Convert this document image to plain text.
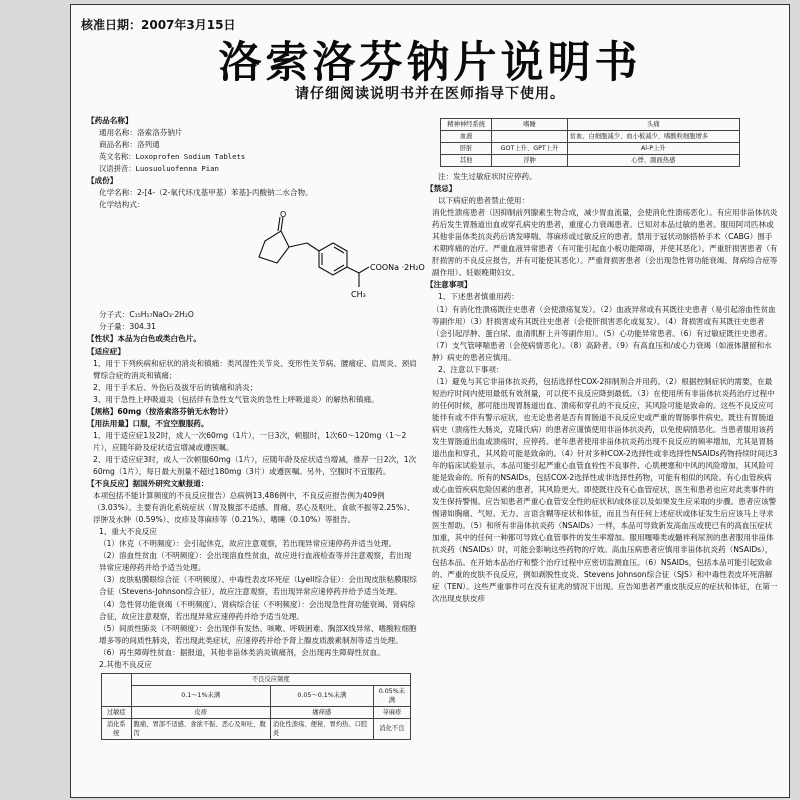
核准日期：2007年3月15日
洛索洛芬钠片说明书
请仔细阅读说明书并在医师指导下使用。

【药品名称】

通用名称：洛索洛芬钠片

商品名称：洛列通

英文名称：Loxoprofen Sodium Tablets

汉语拼音：Luosuoluofenna Pian

【成份】

化学名称：2-[4-（2-氧代环戊基甲基）苯基]-丙酸钠二水合物。

化学结构式：

O
COONa ·2H₂O
CH₃

分子式：C₁₅H₁₇NaO₃·2H₂O

分子量：304.31

【性状】本品为白色或类白色片。

【适应症】

1、用于下列疾病和症状的消炎和镇痛：类风湿性关节炎、变形性关节病、腰痛症、肩周炎、颈肩臂综合症的消炎和镇痛；

2、用于手术后、外伤后及拔牙后的镇痛和消炎；

3、用于急性上呼吸道炎（包括伴有急性支气管炎的急性上呼吸道炎）的解热和镇痛。

【规格】60mg（按洛索洛芬钠无水物计）

【用法用量】口服，不宜空腹服药。

1、用于适应症1及2时，成人一次60mg（1片），一日3次，顿服时，1次60～120mg（1～2片），应随年龄及症状适宜增减或遵医嘱。

2、用于适应症3时，成人一次顿服60mg（1片），应随年龄及症状适当增减，推荐一日2次，1次60mg（1片），每日最大剂量不超过180mg（3片）或遵医嘱。另外，空腹时不宜服药。

【不良反应】据国外研究文献报道：

本项包括不能计算频度的不良反应报告）总病例13,486例中，不良反应报告例为409例（3.03%）。主要有消化系统症状（胃及腹部不适感、胃痛、恶心及呕吐、食欲不振等2.25%）、浮肿及水肿（0.59%）、皮疹及荨麻疹等（0.21%）、嗜睡（0.10%）等报告。

1、重大不良反应

（1）休克（不明频度）：会引起休克，故应注意观察，若出现异常应速停药并适当处理。

（2）溶血性贫血（不明频度）：会出现溶血性贫血，故应进行血液检查等并注意观察，若出现异常应速停药并给予适当处理。

（3）皮肤粘膜眼综合征（不明频度）、中毒性表皮坏死症（Lyell综合征）：会出现皮肤粘膜眼综合征（Stevens-Johnson综合征），故应注意观察，若出现异常应速停药并给予适当处理。

（4）急性肾功能衰竭（不明频度）、肾病综合征（不明频度）：会出现急性肾功能衰竭、肾病综合征，故应注意观察，若出现异常应速停药并给予适当处理。

（5）间质性肺炎（不明频度）：会出现伴有发热、咳嗽、呼吸困难、胸部X线异常、嗜酸粒细胞增多等的间质性肺炎，若出现此类症状，应速停药并给予肾上腺皮质激素制剂等适当处理。

（6）再生障碍性贫血：据报道，其他非甾体类消炎镇痛剂，会出现再生障碍性贫血。

2.其他不良反应

	不良反应频度		
	0.1～1%未满	0.05～0.1%未满	0.05%未满
过敏症	皮疹	瘙痒感	荨麻疹
消化系统	腹痛、胃部不适感、食欲不振、恶心及呕吐、腹泻	消化性溃疡、便秘、胃灼热、口腔炎	消化不良
精神神经系统	嗜睡	头痛
血液		贫血、白细胞减少、血小板减少、嗜酸粒细胞增多
肝脏	GOT上升、GPT上升	Al-P上升
其他	浮肿	心悸、颜面热感

注：发生过敏症状时应停药。

【禁忌】

以下病症的患者禁止使用：

消化性溃疡患者（因抑制前列腺素生物合成，减少胃血流量，会使消化性溃疡恶化）。有应用非甾体抗炎药后发生胃肠道出血或穿孔病史的患者，重度心力衰竭患者。已知对本品过敏的患者。服用阿司匹林或其他非甾体类抗炎药后诱发哮喘、荨麻疹或过敏反应的患者。禁用于冠状动脉搭桥手术（CABG）围手术期疼痛的治疗。严重血液异常患者（有可能引起血小板功能障碍，并使其恶化）。严重肝损害患者（有肝损害的不良反应报告，并有可能使其恶化）。严重肾损害患者（会出现急性肾功能衰竭、肾病综合症等副作用）。妊娠晚期妇女。

【注意事项】

1、下述患者慎重用药：

（1）有消化性溃疡既往史患者（会使溃疡复发）。（2）血液异常或有其既往史患者（易引起溶血性贫血等副作用）（3）肝损害或有其既往史患者（会使肝损害恶化或复发）。（4）肾损害或有其既往史患者（会引起浮肿、蛋白尿、血清肌酐上升等副作用）。（5）心功能异常患者。（6）有过敏症既往史患者。（7）支气管哮喘患者（会使病情恶化）。（8）高龄者。（9）有高血压和/或心力衰竭（如液体潴留和水肿）病史的患者应慎用。

2、注意以下事项：

（1）避免与其它非甾体抗炎药，包括选择性COX-2抑制剂合并用药。（2）根据控制症状的需要，在最短治疗时间内使用最低有效剂量，可以使不良反应降到最低。（3）在使用所有非甾体抗炎药治疗过程中的任何时候，都可能出现胃肠道出血、溃疡和穿孔的不良反应，其风险可能是致命的。这些不良反应可能伴有或不伴有警示症状，也无论患者是否有胃肠道不良反应史或严重的胃肠事件病史。既往有胃肠道病史（溃疡性大肠炎，克隆氏病）的患者应谨慎使用非甾体抗炎药，以免使病情恶化。当患者服用该药发生胃肠道出血或溃疡时，应停药。老年患者使用非甾体抗炎药出现不良反应的频率增加，尤其是胃肠道出血和穿孔，其风险可能是致命的。（4）针对多种COX-2选择性或非选择性NSAIDs药物持续时间达3年的临床试验显示，本品可能引起严重心血管血栓性不良事件、心肌梗塞和中风的风险增加，其风险可能是致命的。所有的NSAIDs，包括COX-2选择性或非选择性药物，可能有相似的风险。有心血管疾病或心血管疾病危险因素的患者，其风险更大。即使既往没有心血管症状，医生和患者也应对此类事件的发生保持警惕。应告知患者严重心血管安全性的症状和/或体征以及如果发生应采取的步骤。患者应该警惕诸如胸痛、气短、无力、言语含糊等症状和体征，而且当有任何上述症状或体征发生后应该马上寻求医生帮助。（5）和所有非甾体抗炎药（NSAIDs）一样，本品可导致新发高血压或使已有的高血压症状加重，其中的任何一种都可导致心血管事件的发生率增加。服用噻嗪类或髓袢利尿剂的患者服用非甾体抗炎药（NSAIDs）时，可能会影响这些药物的疗效。高血压病患者应慎用非甾体抗炎药（NSAIDs），包括本品。在开始本品治疗和整个治疗过程中应密切监测血压。（6）NSAIDs，包括本品可能引起致命的、严重的皮肤不良反应，例如剥脱性皮炎、Stevens Johnson综合征（SJS）和中毒性表皮坏死溶解症（TEN）。这些严重事件可在没有征兆的情况下出现。应告知患者严重皮肤反应的症状和体征，在第一次出现皮肤皮疹
